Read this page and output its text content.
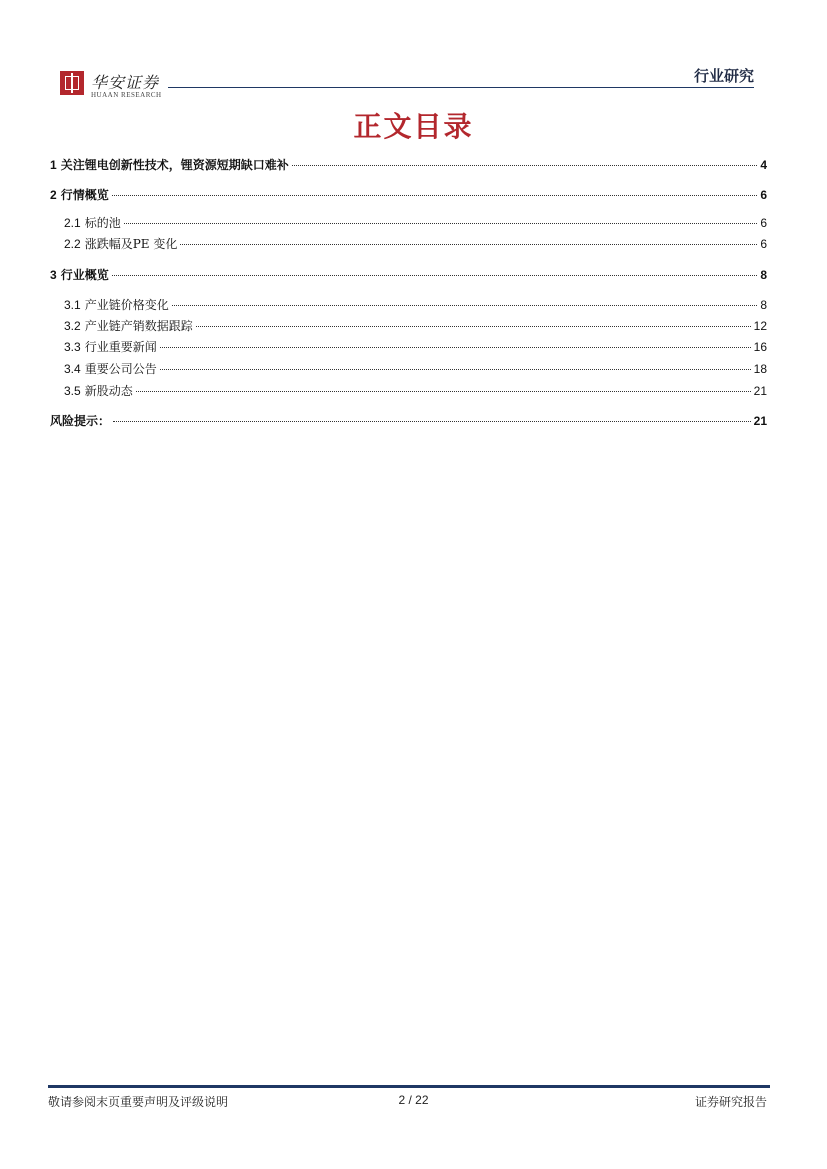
华安证券
HUAAN RESEARCH
行业研究
正文目录
1 关注锂电创新性技术，锂资源短期缺口难补	4
2 行情概览	6
2.1 标的池	6
2.2 涨跌幅及PE 变化	6
3 行业概览	8
3.1 产业链价格变化	8
3.2 产业链产销数据跟踪	12
3.3 行业重要新闻	16
3.4 重要公司公告	18
3.5 新股动态	21
风险提示：	21
敬请参阅末页重要声明及评级说明	2 / 22	证券研究报告
